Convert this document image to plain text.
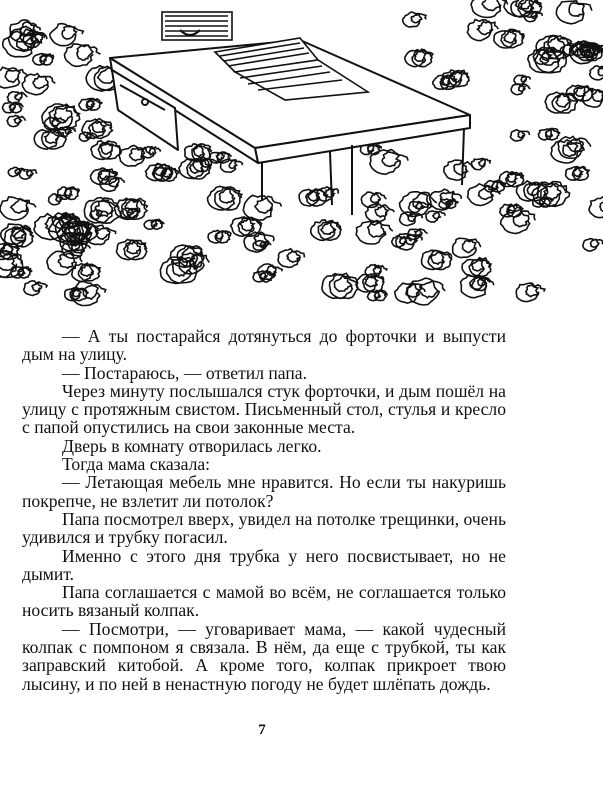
— А ты постарайся дотянуться до форточки и выпусти дым на улицу.

— Постараюсь, — ответил папа.

Через минуту послышался стук форточки, и дым пошёл на улицу с протяжным свистом. Письменный стол, стулья и кресло с папой опустились на свои законные места.

Дверь в комнату отворилась легко.

Тогда мама сказала:

— Летающая мебель мне нравится. Но если ты накуришь покрепче, не взлетит ли потолок?

Папа посмотрел вверх, увидел на потолке трещинки, очень удивился и трубку погасил.

Именно с этого дня трубка у него посвистывает, но не дымит.

Папа соглашается с мамой во всём, не соглашается только носить вязаный колпак.

— Посмотри, — уговаривает мама, — какой чудесный колпак с помпоном я связала. В нём, да еще с трубкой, ты как заправский китобой. А кроме того, колпак прикроет твою лысину, и по ней в ненастную погоду не будет шлёпать дождь.

7
